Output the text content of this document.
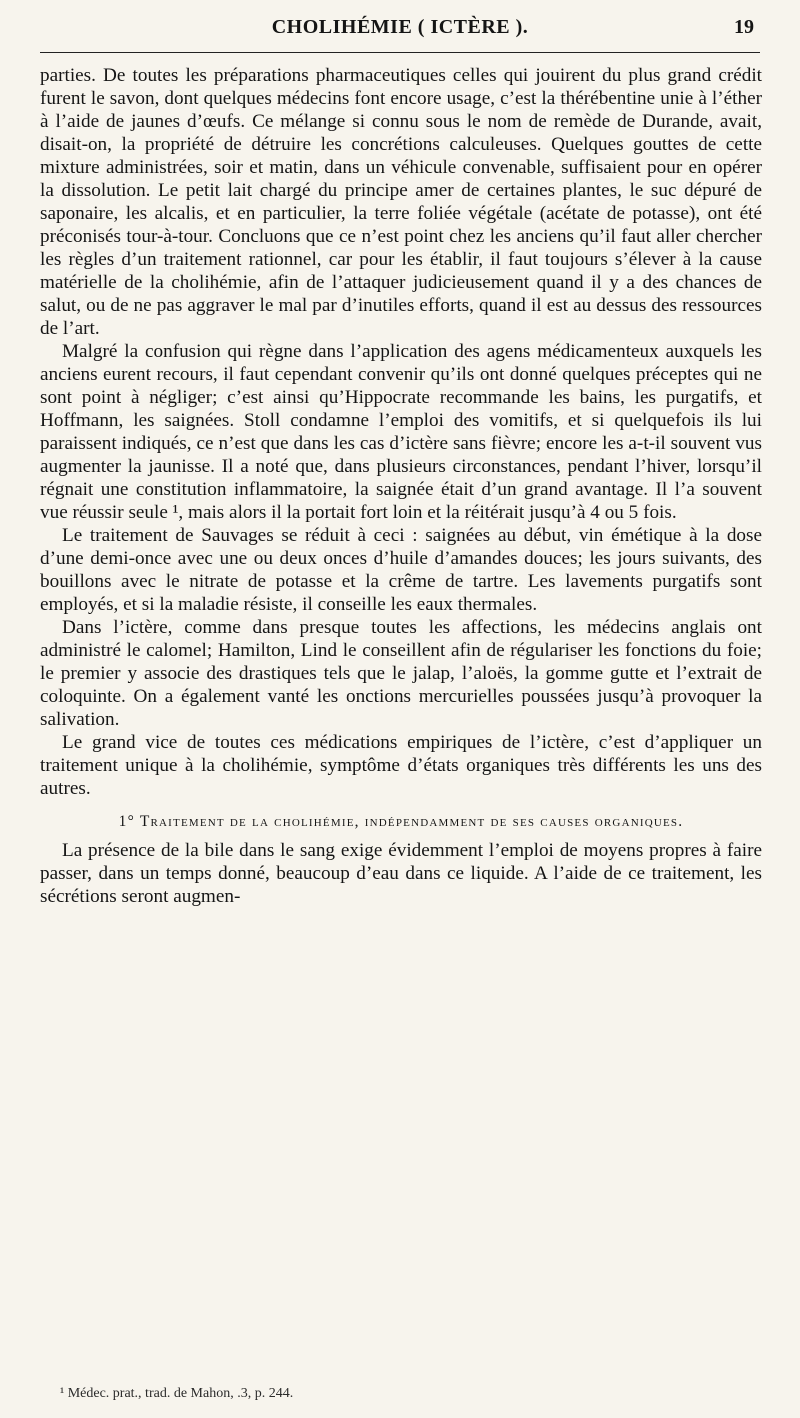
CHOLIHÉMIE ( ICTÈRE ).	19

parties. De toutes les préparations pharmaceutiques celles qui jouirent du plus grand crédit furent le savon, dont quelques médecins font encore usage, c’est la thérébentine unie à l’éther à l’aide de jaunes d’œufs. Ce mélange si connu sous le nom de remède de Durande, avait, disait-on, la propriété de détruire les concrétions calculeuses. Quelques gouttes de cette mixture administrées, soir et matin, dans un véhicule convenable, suffisaient pour en opérer la dissolution. Le petit lait chargé du principe amer de certaines plantes, le suc dépuré de saponaire, les alcalis, et en particulier, la terre foliée végétale (acétate de potasse), ont été préconisés tour-à-tour. Concluons que ce n’est point chez les anciens qu’il faut aller chercher les règles d’un traitement rationnel, car pour les établir, il faut toujours s’élever à la cause matérielle de la cholihémie, afin de l’attaquer judicieusement quand il y a des chances de salut, ou de ne pas aggraver le mal par d’inutiles efforts, quand il est au dessus des ressources de l’art.

Malgré la confusion qui règne dans l’application des agens médicamenteux auxquels les anciens eurent recours, il faut cependant convenir qu’ils ont donné quelques préceptes qui ne sont point à négliger; c’est ainsi qu’Hippocrate recommande les bains, les purgatifs, et Hoffmann, les saignées. Stoll condamne l’emploi des vomitifs, et si quelquefois ils lui paraissent indiqués, ce n’est que dans les cas d’ictère sans fièvre; encore les a-t-il souvent vus augmenter la jaunisse. Il a noté que, dans plusieurs circonstances, pendant l’hiver, lorsqu’il régnait une constitution inflammatoire, la saignée était d’un grand avantage. Il l’a souvent vue réussir seule ¹, mais alors il la portait fort loin et la réitérait jusqu’à 4 ou 5 fois.

Le traitement de Sauvages se réduit à ceci : saignées au début, vin émétique à la dose d’une demi-once avec une ou deux onces d’huile d’amandes douces; les jours suivants, des bouillons avec le nitrate de potasse et la crême de tartre. Les lavements purgatifs sont employés, et si la maladie résiste, il conseille les eaux thermales.

Dans l’ictère, comme dans presque toutes les affections, les médecins anglais ont administré le calomel; Hamilton, Lind le conseillent afin de régulariser les fonctions du foie; le premier y associe des drastiques tels que le jalap, l’aloës, la gomme gutte et l’extrait de coloquinte. On a également vanté les onctions mercurielles poussées jusqu’à provoquer la salivation.

Le grand vice de toutes ces médications empiriques de l’ictère, c’est d’appliquer un traitement unique à la cholihémie, symptôme d’états organiques très différents les uns des autres.

1° Traitement de la cholihémie, indépendamment de ses causes organiques.

La présence de la bile dans le sang exige évidemment l’emploi de moyens propres à faire passer, dans un temps donné, beaucoup d’eau dans ce liquide. A l’aide de ce traitement, les sécrétions seront augmen-

¹ Médec. prat., trad. de Mahon, .3, p. 244.
